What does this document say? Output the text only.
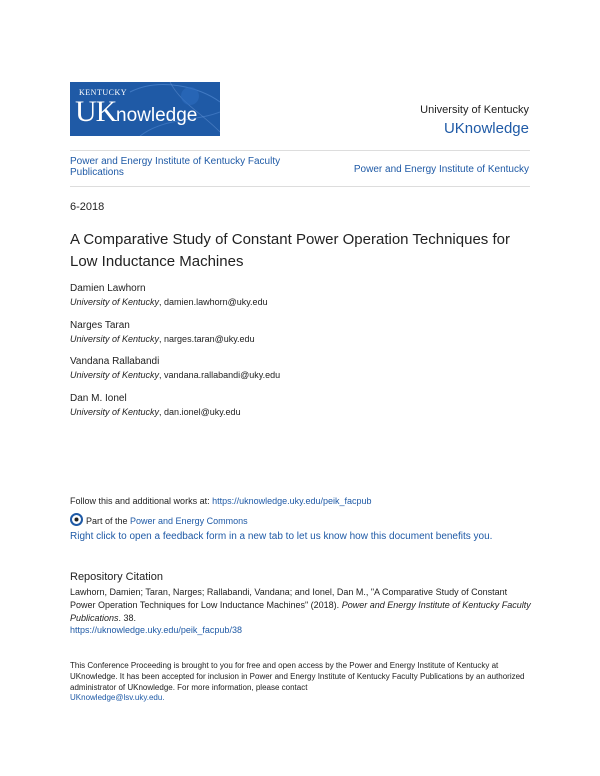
KENTUCKY
UK nowledge	University of Kentucky
UKnowledge
Power and Energy Institute of Kentucky Faculty Publications	Power and Energy Institute of Kentucky
6-2018
A Comparative Study of Constant Power Operation Techniques for Low Inductance Machines
Damien Lawhorn
University of Kentucky, damien.lawhorn@uky.edu
Narges Taran
University of Kentucky, narges.taran@uky.edu
Vandana Rallabandi
University of Kentucky, vandana.rallabandi@uky.edu
Dan M. Ionel
University of Kentucky, dan.ionel@uky.edu
Follow this and additional works at: https://uknowledge.uky.edu/peik_facpub
Part of the Power and Energy Commons
Right click to open a feedback form in a new tab to let us know how this document benefits you.
Repository Citation
Lawhorn, Damien; Taran, Narges; Rallabandi, Vandana; and Ionel, Dan M., "A Comparative Study of Constant Power Operation Techniques for Low Inductance Machines" (2018). Power and Energy Institute of Kentucky Faculty Publications. 38.
https://uknowledge.uky.edu/peik_facpub/38
This Conference Proceeding is brought to you for free and open access by the Power and Energy Institute of Kentucky at UKnowledge. It has been accepted for inclusion in Power and Energy Institute of Kentucky Faculty Publications by an authorized administrator of UKnowledge. For more information, please contact
UKnowledge@lsv.uky.edu.
